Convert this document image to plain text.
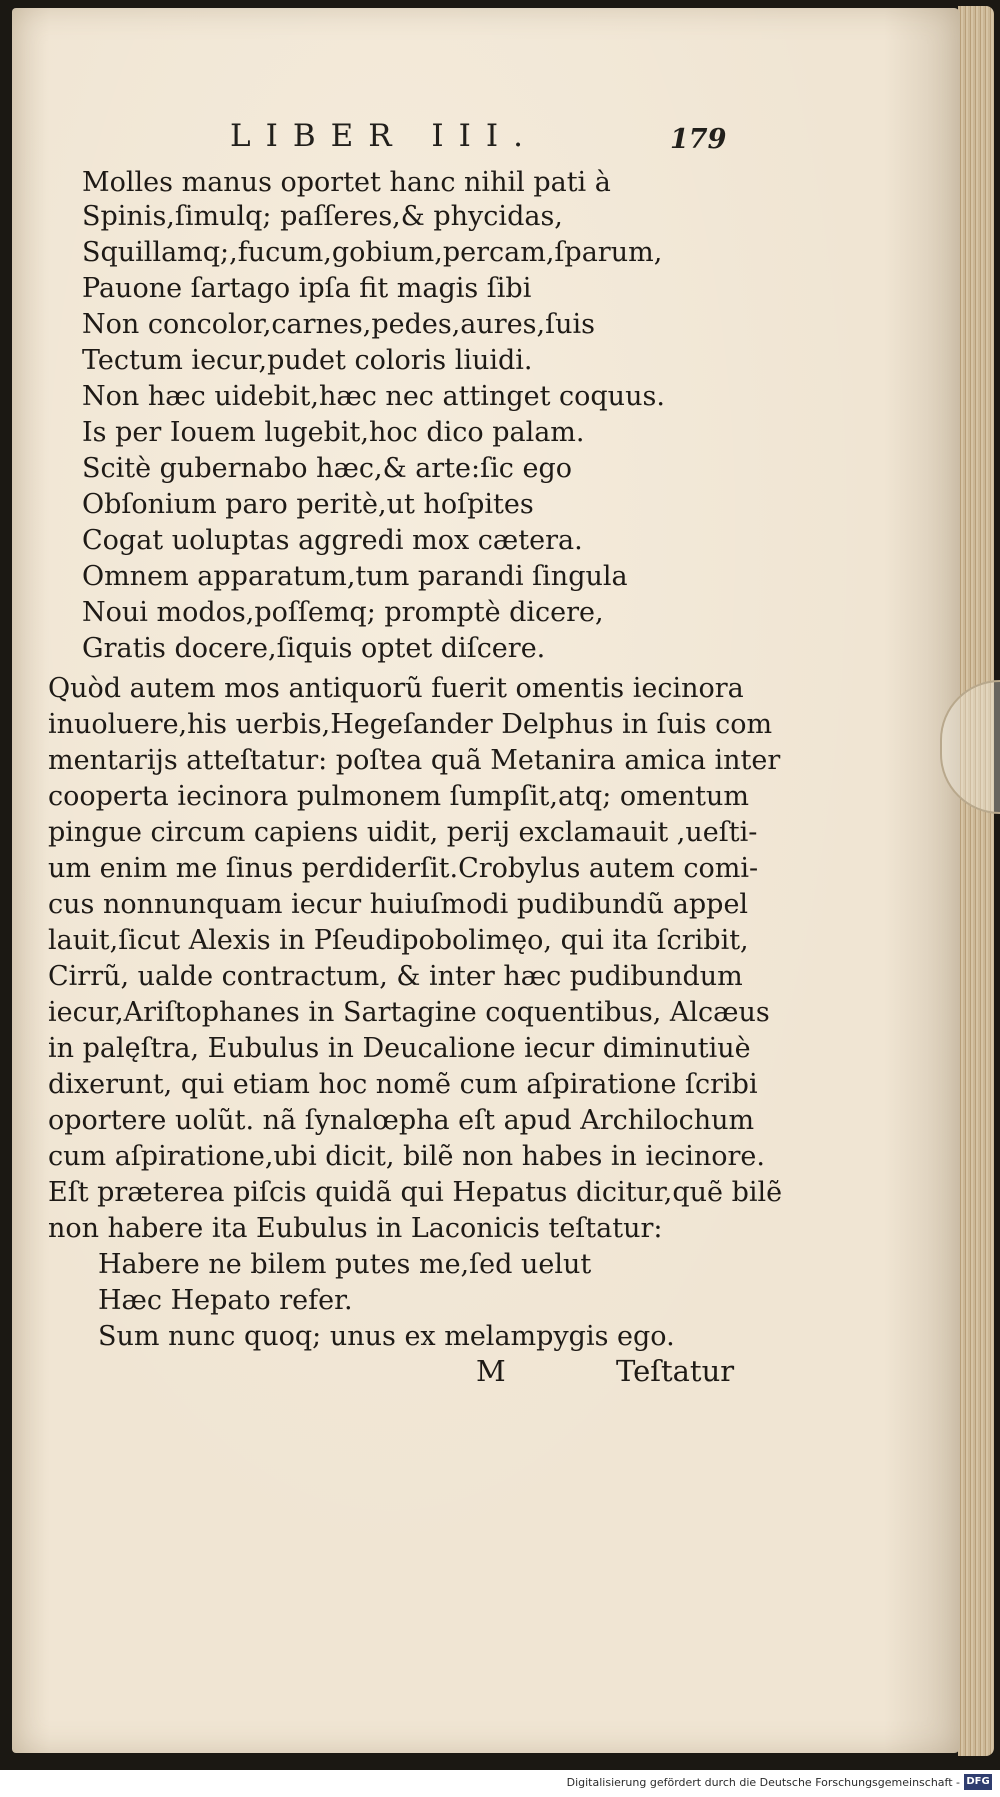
LIBER III.	179
Molles manus oportet hanc nihil pati à
Spinis,ſimulq; paſſeres,& phycidas,
Squillamq;,fucum,gobium,percam,ſparum,
Pauone ſartago ipſa fit magis ſibi
Non concolor,carnes,pedes,aures,ſuis
Tectum iecur,pudet coloris liuidi.
Non hæc uidebit,hæc nec attinget coquus.
Is per Iouem lugebit,hoc dico palam.
Scitè gubernabo hæc,& arte:ſic ego
Obſonium paro peritè,ut hoſpites
Cogat uoluptas aggredi mox cætera.
Omnem apparatum,tum parandi ſingula
Noui modos,poſſemq; promptè dicere,
Gratis docere,ſiquis optet diſcere.
Quòd autem mos antiquorũ fuerit omentis iecinora
inuoluere,his uerbis,Hegeſander Delphus in ſuis com
mentarijs atteſtatur: poſtea quã Metanira amica inter
cooperta iecinora pulmonem ſumpſit,atq; omentum
pingue circum capiens uidit, perij exclamauit ,ueſti-
um enim me ſinus perdiderſit.Crobylus autem comi-
cus nonnunquam iecur huiuſmodi pudibundũ appel
lauit,ſicut Alexis in Pſeudipobolimęo, qui ita ſcribit,
Cirrũ, ualde contractum, & inter hæc pudibundum
iecur,Ariſtophanes in Sartagine coquentibus, Alcæus
in palęſtra, Eubulus in Deucalione iecur diminutiuè
dixerunt, qui etiam hoc nomẽ cum aſpiratione ſcribi
oportere uolũt. nã ſynalœpha eſt apud Archilochum
cum aſpiratione,ubi dicit, bilẽ non habes in iecinore.
Eſt præterea piſcis quidã qui Hepatus dicitur,quẽ bilẽ
non habere ita Eubulus in Laconicis teſtatur:
Habere ne bilem putes me,ſed uelut
Hæc Hepato refer.
Sum nunc quoq; unus ex melampygis ego.
M	Teſtatur
Digitalisierung gefördert durch die Deutsche Forschungsgemeinschaft - DFG
